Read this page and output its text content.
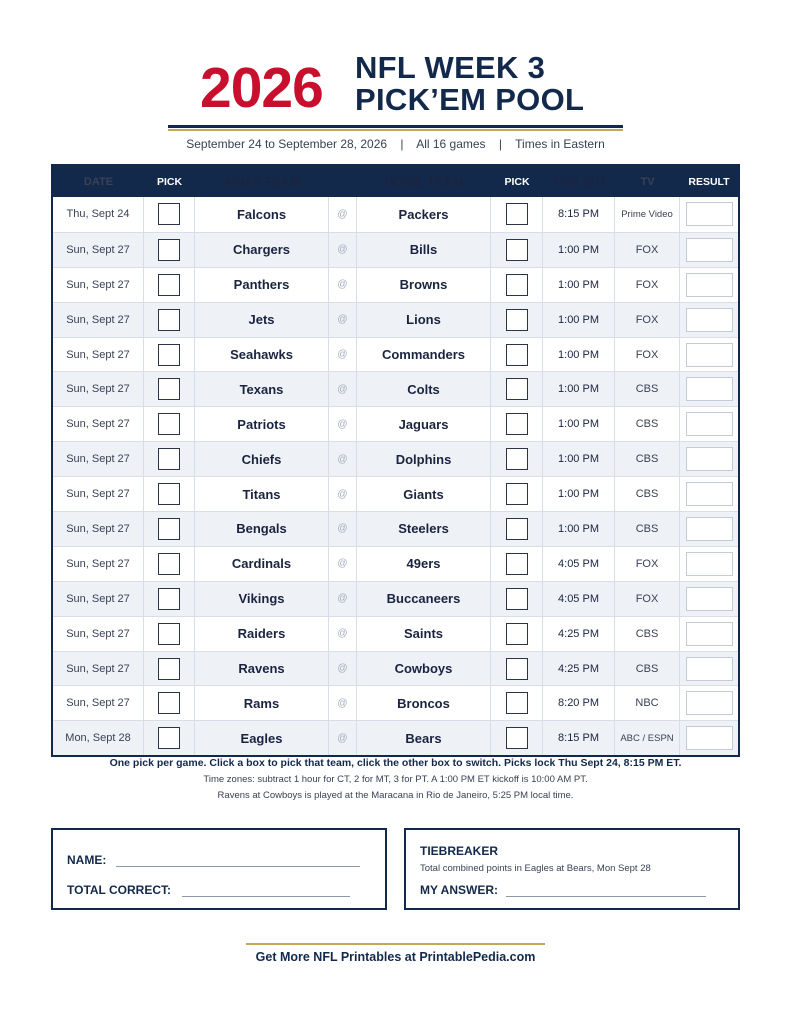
2026 NFL WEEK 3
PICK’EM POOL
September 24 to September 28, 2026 | All 16 games | Times in Eastern
DATE	PICK	AWAY TEAM	HOME TEAM	PICK	TIME (ET)	TV	RESULT
Thu, Sept 24	Falcons	@	Packers	8:15 PM	Prime Video
Sun, Sept 27	Chargers	@	Bills	1:00 PM	FOX
Sun, Sept 27	Panthers	@	Browns	1:00 PM	FOX
Sun, Sept 27	Jets	@	Lions	1:00 PM	FOX
Sun, Sept 27	Seahawks	@	Commanders	1:00 PM	FOX
Sun, Sept 27	Texans	@	Colts	1:00 PM	CBS
Sun, Sept 27	Patriots	@	Jaguars	1:00 PM	CBS
Sun, Sept 27	Chiefs	@	Dolphins	1:00 PM	CBS
Sun, Sept 27	Titans	@	Giants	1:00 PM	CBS
Sun, Sept 27	Bengals	@	Steelers	1:00 PM	CBS
Sun, Sept 27	Cardinals	@	49ers	4:05 PM	FOX
Sun, Sept 27	Vikings	@	Buccaneers	4:05 PM	FOX
Sun, Sept 27	Raiders	@	Saints	4:25 PM	CBS
Sun, Sept 27	Ravens	@	Cowboys	4:25 PM	CBS
Sun, Sept 27	Rams	@	Broncos	8:20 PM	NBC
Mon, Sept 28	Eagles	@	Bears	8:15 PM	ABC / ESPN
One pick per game. Click a box to pick that team, click the other box to switch. Picks lock Thu Sept 24, 8:15 PM ET.
Time zones: subtract 1 hour for CT, 2 for MT, 3 for PT. A 1:00 PM ET kickoff is 10:00 AM PT.
Ravens at Cowboys is played at the Maracana in Rio de Janeiro, 5:25 PM local time.
NAME:
TOTAL CORRECT:
TIEBREAKER
Total combined points in Eagles at Bears, Mon Sept 28
MY ANSWER:
Get More NFL Printables at PrintablePedia.com
